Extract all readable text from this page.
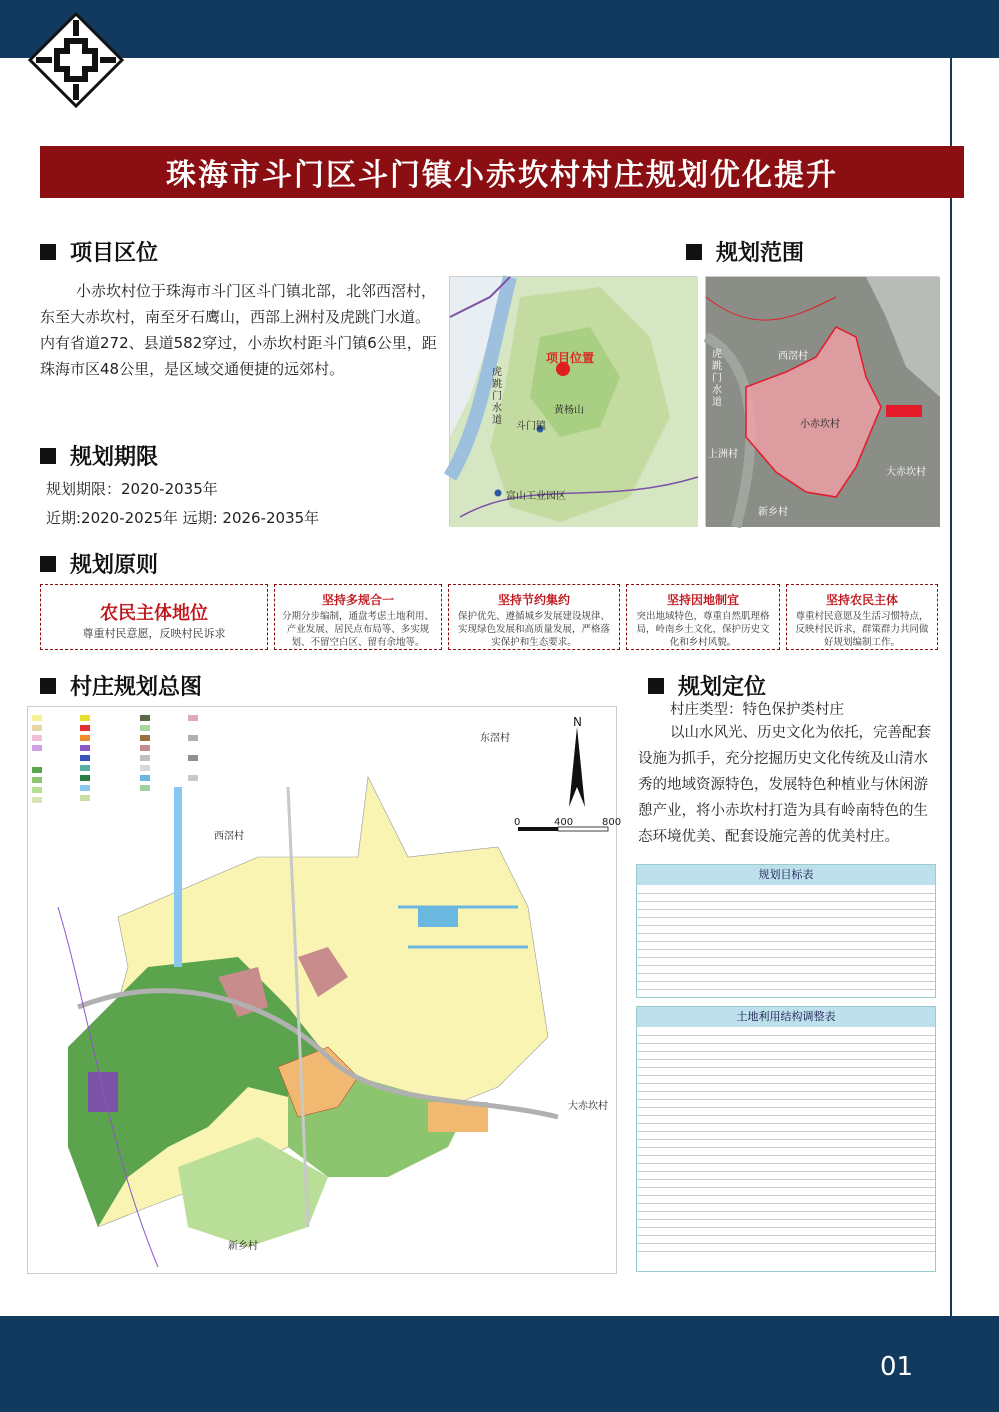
珠海市斗门区斗门镇小赤坎村村庄规划优化提升
项目区位
小赤坎村位于珠海市斗门区斗门镇北部，北邻西滘村，东至大赤坎村，南至牙石鹰山，西部上洲村及虎跳门水道。内有省道272、县道582穿过，小赤坎村距斗门镇6公里，距珠海市区48公里，是区域交通便捷的远郊村。
规划期限
规划期限：2020-2035年
近期:2020-2025年 远期: 2026-2035年
项目位置
虎跳门水道
黄杨山
斗门镇
富山工业园区
规划范围
西滘村
虎跳门水道
小赤坎村
上洲村
大赤坎村
新乡村
规划原则
农民主体地位
尊重村民意愿，反映村民诉求
坚持多规合一
分期分步编制，通盘考虑土地利用、产业发展、居民点布局等、多实规划、不留空白区、留有余地等。
坚持节约集约
保护优先、遵循城乡发展建设规律、实现绿色发展和高质量发展，严格落实保护和生态要求。
坚持因地制宜
突出地域特色，尊重自然肌理格局，岭南乡土文化，保护历史文化和乡村风貌。
坚持农民主体
尊重村民意愿及生活习惯特点，反映村民诉求，群策群力共同做好规划编制工作。
村庄规划总图
N
0	400	800
东滘村
西滘村
大赤坎村
新乡村
规划定位
村庄类型：特色保护类村庄
以山水风光、历史文化为依托，完善配套设施为抓手，充分挖掘历史文化传统及山清水秀的地域资源特色，发展特色种植业与休闲游憩产业，将小赤坎村打造为具有岭南特色的生态环境优美、配套设施完善的优美村庄。
规划目标表

土地利用结构调整表

01
